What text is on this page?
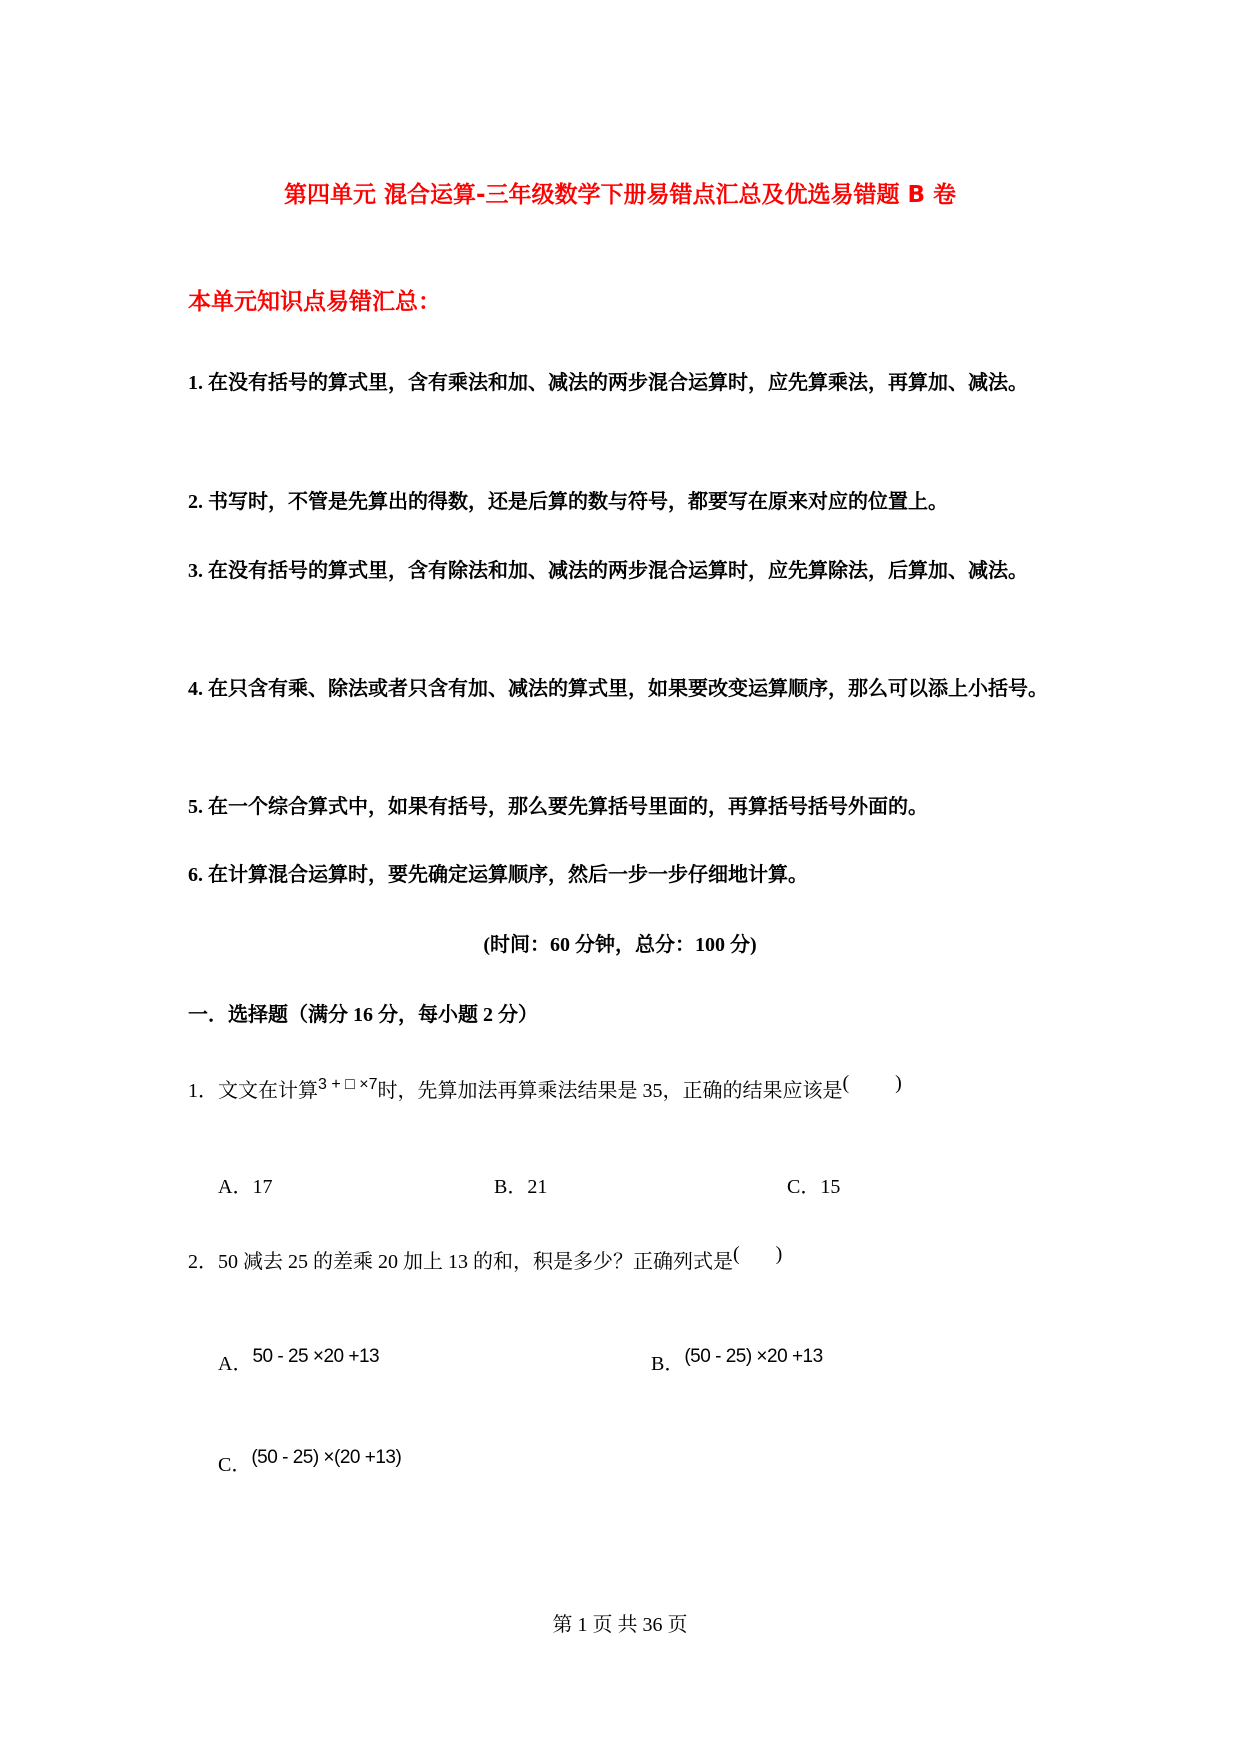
第四单元 混合运算-三年级数学下册易错点汇总及优选易错题 B 卷
本单元知识点易错汇总：
1. 在没有括号的算式里，含有乘法和加、减法的两步混合运算时，应先算乘法，再算加、减法。
2. 书写时，不管是先算出的得数，还是后算的数与符号，都要写在原来对应的位置上。
3. 在没有括号的算式里，含有除法和加、减法的两步混合运算时，应先算除法，后算加、减法。
4. 在只含有乘、除法或者只含有加、减法的算式里，如果要改变运算顺序，那么可以添上小括号。
5. 在一个综合算式中，如果有括号，那么要先算括号里面的，再算括号括号外面的。
6. 在计算混合运算时，要先确定运算顺序，然后一步一步仔细地计算。
(时间：60 分钟，总分：100 分)
一．选择题（满分 16 分，每小题 2 分）
1．文文在计算$^{3 + □ \times 7}$时，先算加法再算乘法结果是 35，正确的结果应该是( )
A．17	B．21	C．15
2．50 减去 25 的差乘 20 加上 13 的和，积是多少？正确列式是( )
A．50 - 25 ×20 +13	B．(50 - 25) ×20 +13
C．(50 - 25) ×(20 +13)
第 1 页 共 36 页
